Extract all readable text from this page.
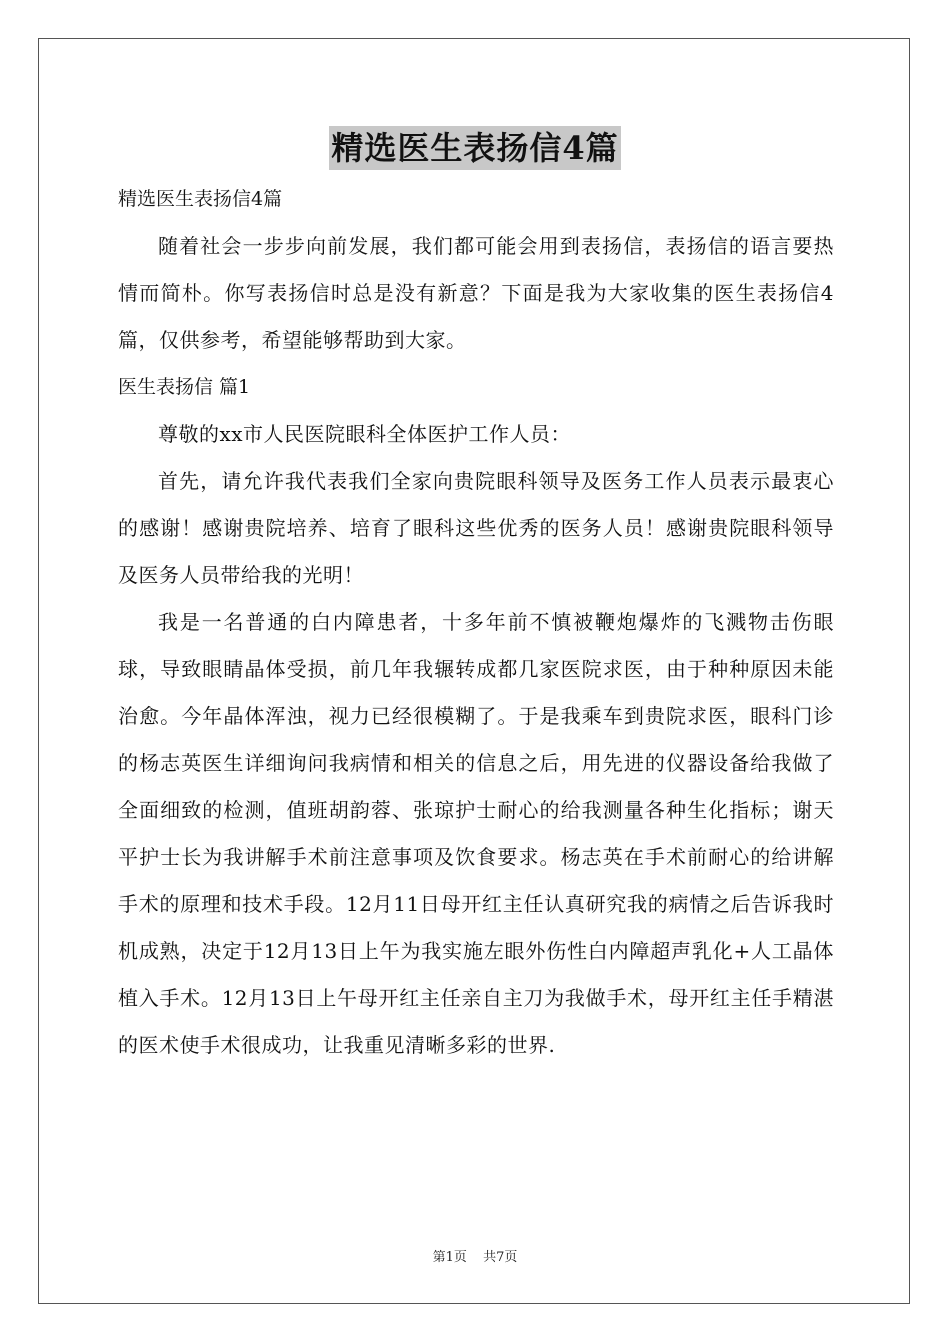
精选医生表扬信4篇

精选医生表扬信4篇

随着社会一步步向前发展，我们都可能会用到表扬信，表扬信的语言要热情而简朴。你写表扬信时总是没有新意？下面是我为大家收集的医生表扬信4篇，仅供参考，希望能够帮助到大家。

医生表扬信 篇1

尊敬的xx市人民医院眼科全体医护工作人员：

首先，请允许我代表我们全家向贵院眼科领导及医务工作人员表示最衷心的感谢！感谢贵院培养、培育了眼科这些优秀的医务人员！感谢贵院眼科领导及医务人员带给我的光明！

我是一名普通的白内障患者，十多年前不慎被鞭炮爆炸的飞溅物击伤眼球，导致眼睛晶体受损，前几年我辗转成都几家医院求医，由于种种原因未能治愈。今年晶体浑浊，视力已经很模糊了。于是我乘车到贵院求医，眼科门诊的杨志英医生详细询问我病情和相关的信息之后，用先进的仪器设备给我做了全面细致的检测，值班胡韵蓉、张琼护士耐心的给我测量各种生化指标；谢天平护士长为我讲解手术前注意事项及饮食要求。杨志英在手术前耐心的给讲解手术的原理和技术手段。12月11日母开红主任认真研究我的病情之后告诉我时机成熟，决定于12月13日上午为我实施左眼外伤性白内障超声乳化+人工晶体植入手术。12月13日上午母开红主任亲自主刀为我做手术，母开红主任手精湛的医术使手术很成功，让我重见清晰多彩的世界.

第1页 共7页
